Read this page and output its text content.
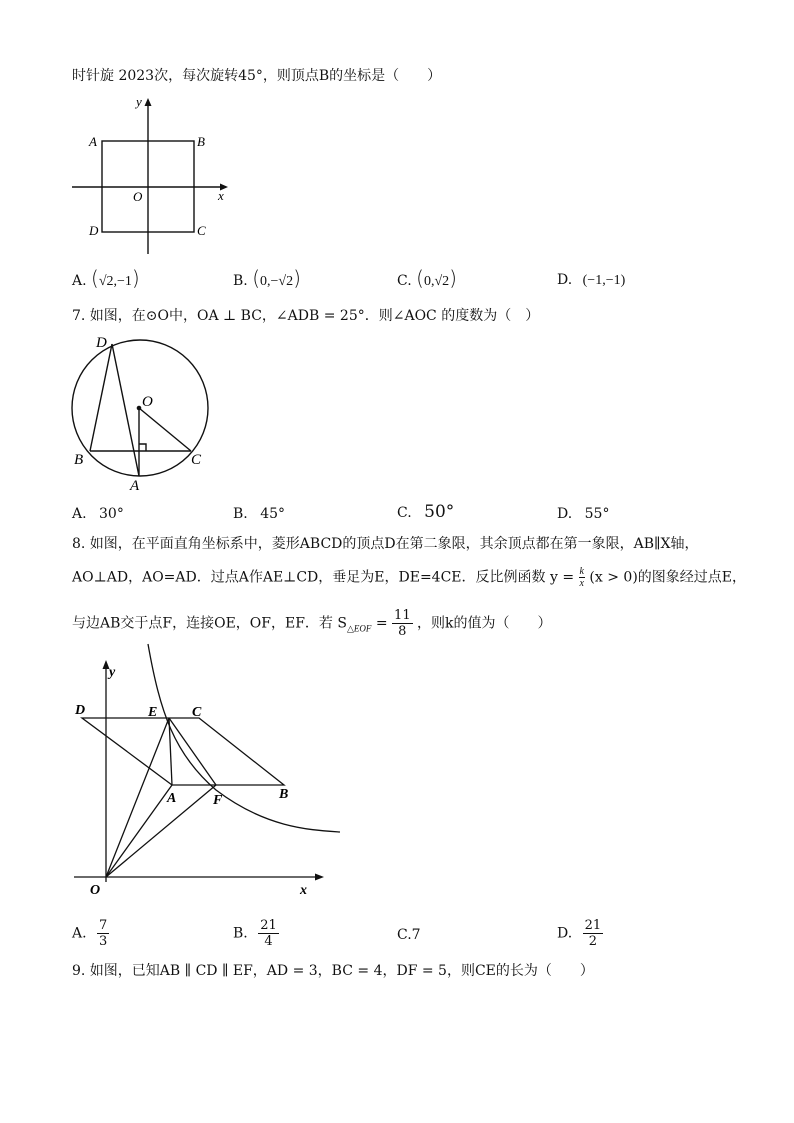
时针旋 2023次，每次旋转45°，则顶点B的坐标是（　　）
y
x
O
A	B
C
D
A. (√2,−1)	B. (0,−√2)	C. (0,√2)	D. (−1,−1)
7. 如图，在⊙O中，OA ⊥ BC，∠ADB = 25°．则∠AOC 的度数为（　）
D
O
B	C
A
A. 30°	B. 45°	C. 50°	D. 55°
8. 如图，在平面直角坐标系中，菱形ABCD的顶点D在第二象限，其余顶点都在第一象限，AB∥X轴，
AO⊥AD，AO=AD．过点A作AE⊥CD，垂足为E，DE=4CE．反比例函数 $y = \frac{k}{x} (x > 0)$的图象经过点E，
与边AB交于点F，连接OE，OF，EF．若 $S_{\triangle EOF} = \frac{11}{8}$ ，则k的值为（　　）
y
x
O
D	E C
A	F	B
A. $\frac{7}{3}$	B. $\frac{21}{4}$	C.7	D. $\frac{21}{2}$
9. 如图，已知AB ∥ CD ∥ EF，AD = 3，BC = 4，DF = 5，则CE的长为（　　）
